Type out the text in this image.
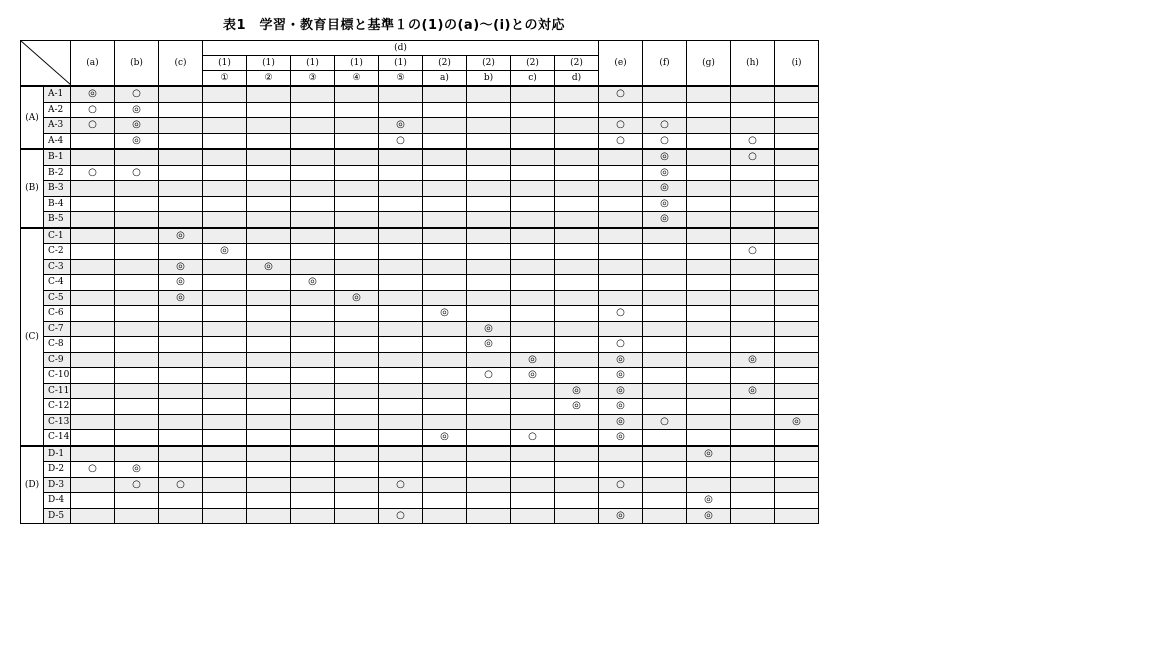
表1　学習・教育目標と基準１の(1)の(a)〜(i)との対応
	(a)	(b)	(c)	(d)									(e)	(f)	(g)	(h)	(i)
					(1)	(1)	(1)	(1)	(1)	(2)	(2)	(2)	(2)					
					①	②	③	④	⑤	a)	b)	c)	d)					
(A)	A-1	◎	○											○				
	A-2	○	◎															
	A-3	○	◎						◎					○	○			
	A-4		◎						○					○	○		○	
(B)	B-1														◎		○	
	B-2	○	○												◎			
	B-3														◎			
	B-4														◎			
	B-5														◎			
(C)	C-1			◎														
	C-2				◎												○	
	C-3			◎		◎												
	C-4			◎			◎											
	C-5			◎				◎										
	C-6									◎				○				
	C-7										◎							
	C-8										◎			○				
	C-9											◎		◎			◎	
	C-10										○	◎		◎				
	C-11												◎	◎			◎	
	C-12												◎	◎				
	C-13													◎	○			◎
	C-14									◎		○		◎				
(D)	D-1															◎		
	D-2	○	◎															
	D-3		○	○					○					○				
	D-4															◎		
	D-5								○					◎		◎		
